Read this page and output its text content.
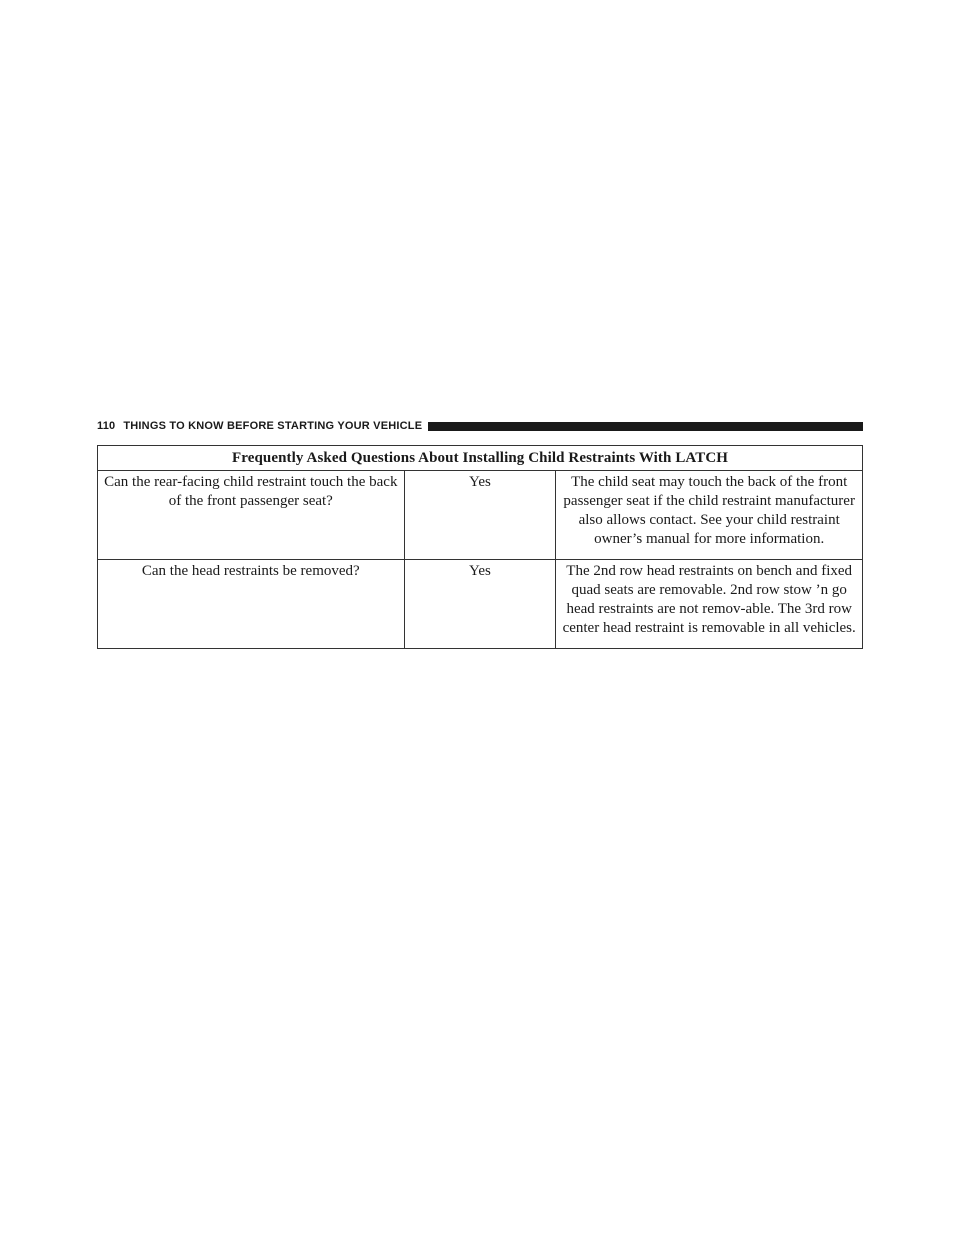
110 THINGS TO KNOW BEFORE STARTING YOUR VEHICLE
Frequently Asked Questions About Installing Child Restraints With LATCH		
Can the rear-facing child restraint touch the back of the front passenger seat?	Yes	The child seat may touch the back of the front passenger seat if the child restraint manufacturer also allows contact. See your child restraint owner’s manual for more information.
Can the head restraints be removed?	Yes	The 2nd row head restraints on bench and fixed quad seats are removable. 2nd row stow ’n go head restraints are not remov-able. The 3rd row center head restraint is removable in all vehicles.
